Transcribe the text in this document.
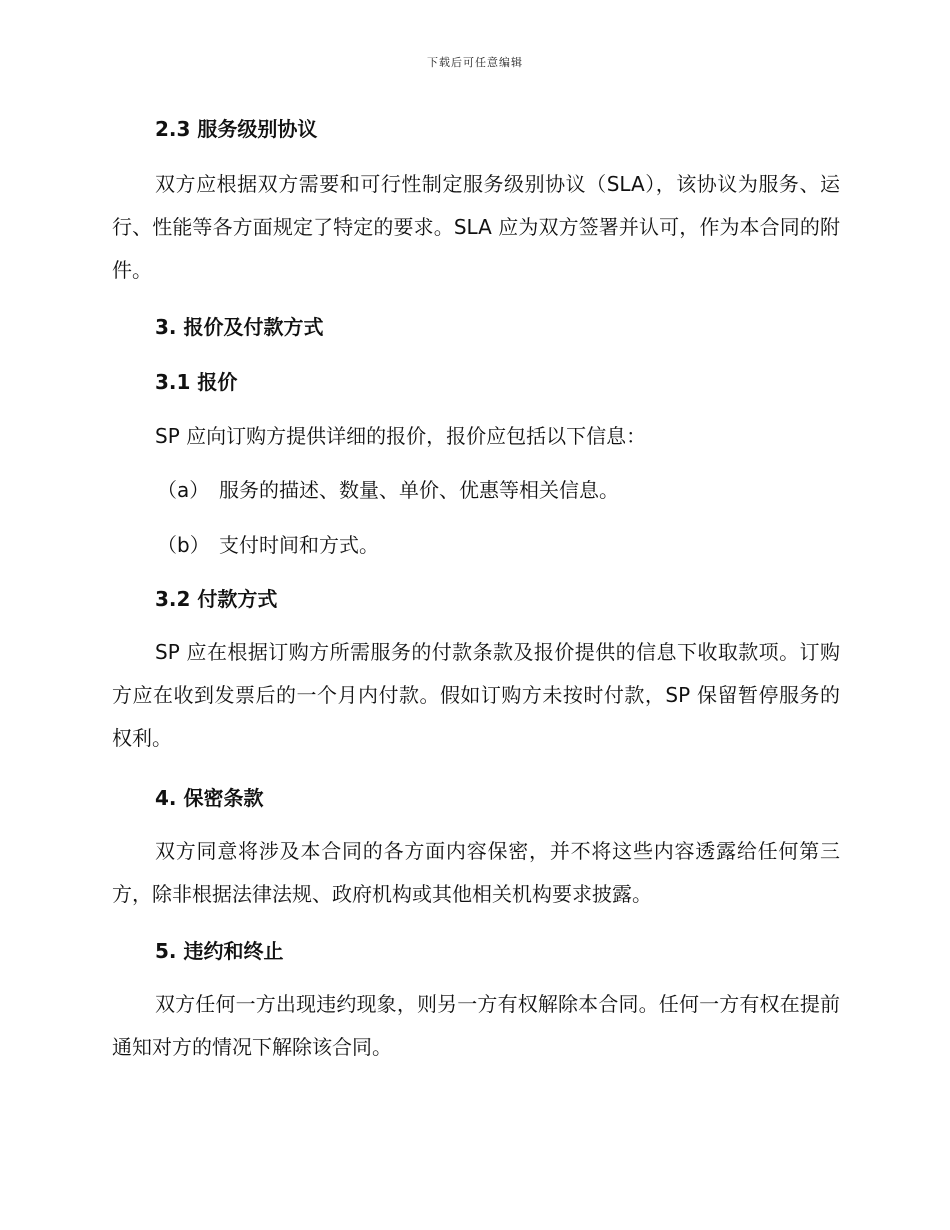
下载后可任意编辑
2.3 服务级别协议

双方应根据双方需要和可行性制定服务级别协议（SLA），该协议为服务、运行、性能等各方面规定了特定的要求。SLA 应为双方签署并认可，作为本合同的附件。

3. 报价及付款方式
3.1 报价

SP 应向订购方提供详细的报价，报价应包括以下信息：

（a） 服务的描述、数量、单价、优惠等相关信息。
（b） 支付时间和方式。
3.2 付款方式

SP 应在根据订购方所需服务的付款条款及报价提供的信息下收取款项。订购方应在收到发票后的一个月内付款。假如订购方未按时付款，SP 保留暂停服务的权利。

4. 保密条款

双方同意将涉及本合同的各方面内容保密，并不将这些内容透露给任何第三方，除非根据法律法规、政府机构或其他相关机构要求披露。

5. 违约和终止

双方任何一方出现违约现象，则另一方有权解除本合同。任何一方有权在提前通知对方的情况下解除该合同。
